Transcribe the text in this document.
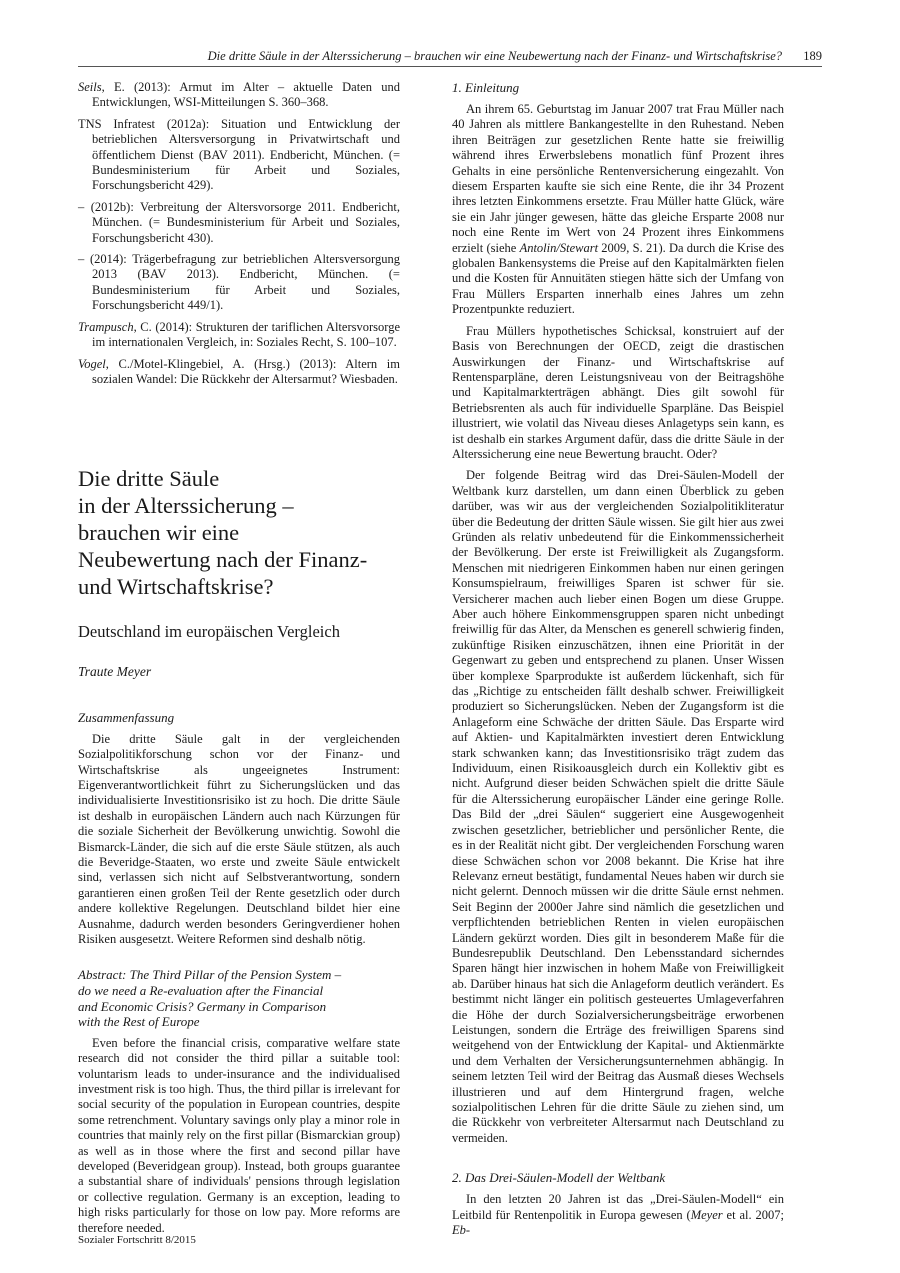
Die dritte Säule in der Alterssicherung – brauchen wir eine Neubewertung nach der Finanz- und Wirtschaftskrise? 189

Seils, E. (2013): Armut im Alter – aktuelle Daten und Entwicklungen, WSI-Mitteilungen S. 360–368.

TNS Infratest (2012a): Situation und Entwicklung der betrieblichen Altersversorgung in Privatwirtschaft und öffentlichem Dienst (BAV 2011). Endbericht, München. (= Bundesministerium für Arbeit und Soziales, Forschungsbericht 429).

– (2012b): Verbreitung der Altersvorsorge 2011. Endbericht, München. (= Bundesministerium für Arbeit und Soziales, Forschungsbericht 430).

– (2014): Trägerbefragung zur betrieblichen Altersversorgung 2013 (BAV 2013). Endbericht, München. (= Bundesministerium für Arbeit und Soziales, Forschungsbericht 449/1).

Trampusch, C. (2014): Strukturen der tariflichen Altersvorsorge im internationalen Vergleich, in: Soziales Recht, S. 100–107.

Vogel, C./Motel-Klingebiel, A. (Hrsg.) (2013): Altern im sozialen Wandel: Die Rückkehr der Altersarmut? Wiesbaden.

Die dritte Säule
in der Alterssicherung –
brauchen wir eine
Neubewertung nach der Finanz-
und Wirtschaftskrise?
Deutschland im europäischen Vergleich

Traute Meyer

Zusammenfassung

Die dritte Säule galt in der vergleichenden Sozialpolitikforschung schon vor der Finanz- und Wirtschaftskrise als ungeeignetes Instrument: Eigenverantwortlichkeit führt zu Sicherungslücken und das individualisierte Investitionsrisiko ist zu hoch. Die dritte Säule ist deshalb in europäischen Ländern auch nach Kürzungen für die soziale Sicherheit der Bevölkerung unwichtig. Sowohl die Bismarck-Länder, die sich auf die erste Säule stützen, als auch die Beveridge-Staaten, wo erste und zweite Säule entwickelt sind, verlassen sich nicht auf Selbstverantwortung, sondern garantieren einen großen Teil der Rente gesetzlich oder durch andere kollektive Regelungen. Deutschland bildet hier eine Ausnahme, dadurch werden besonders Geringverdiener hohen Risiken ausgesetzt. Weitere Reformen sind deshalb nötig.

Abstract: The Third Pillar of the Pension System –
do we need a Re-evaluation after the Financial
and Economic Crisis? Germany in Comparison
with the Rest of Europe

Even before the financial crisis, comparative welfare state research did not consider the third pillar a suitable tool: voluntarism leads to under-insurance and the individualised investment risk is too high. Thus, the third pillar is irrelevant for social security of the population in European countries, despite some retrenchment. Voluntary savings only play a minor role in countries that mainly rely on the first pillar (Bismarckian group) as well as in those where the first and second pillar have developed (Beveridgean group). Instead, both groups guarantee a substantial share of individuals' pensions through legislation or collective regulation. Germany is an exception, leading to high risks particularly for those on low pay. More reforms are therefore needed.

1. Einleitung

An ihrem 65. Geburtstag im Januar 2007 trat Frau Müller nach 40 Jahren als mittlere Bankangestellte in den Ruhestand. Neben ihren Beiträgen zur gesetzlichen Rente hatte sie freiwillig während ihres Erwerbslebens monatlich fünf Prozent ihres Gehalts in eine persönliche Rentenversicherung eingezahlt. Von diesem Ersparten kaufte sie sich eine Rente, die ihr 34 Prozent ihres letzten Einkommens ersetzte. Frau Müller hatte Glück, wäre sie ein Jahr jünger gewesen, hätte das gleiche Ersparte 2008 nur noch eine Rente im Wert von 24 Prozent ihres Einkommens erzielt (siehe Antolin/Stewart 2009, S. 21). Da durch die Krise des globalen Bankensystems die Preise auf den Kapitalmärkten fielen und die Kosten für Annuitäten stiegen hätte sich der Umfang von Frau Müllers Ersparten innerhalb eines Jahres um zehn Prozentpunkte reduziert.

Frau Müllers hypothetisches Schicksal, konstruiert auf der Basis von Berechnungen der OECD, zeigt die drastischen Auswirkungen der Finanz- und Wirtschaftskrise auf Rentensparpläne, deren Leistungsniveau von der Beitragshöhe und Kapitalmarkterträgen abhängt. Dies gilt sowohl für Betriebsrenten als auch für individuelle Sparpläne. Das Beispiel illustriert, wie volatil das Niveau dieses Anlagetyps sein kann, es ist deshalb ein starkes Argument dafür, dass die dritte Säule in der Alterssicherung eine neue Bewertung braucht. Oder?

Der folgende Beitrag wird das Drei-Säulen-Modell der Weltbank kurz darstellen, um dann einen Überblick zu geben darüber, was wir aus der vergleichenden Sozialpolitikliteratur über die Bedeutung der dritten Säule wissen. Sie gilt hier aus zwei Gründen als relativ unbedeutend für die Einkommenssicherheit der Bevölkerung. Der erste ist Freiwilligkeit als Zugangsform. Menschen mit niedrigeren Einkommen haben nur einen geringen Konsumspielraum, freiwilliges Sparen ist schwer für sie. Versicherer machen auch lieber einen Bogen um diese Gruppe. Aber auch höhere Einkommensgruppen sparen nicht unbedingt freiwillig für das Alter, da Menschen es generell schwierig finden, zukünftige Risiken einzuschätzen, ihnen eine Priorität in der Gegenwart zu geben und entsprechend zu planen. Unser Wissen über komplexe Sparprodukte ist außerdem lückenhaft, sich für das „Richtige zu entscheiden fällt deshalb schwer. Freiwilligkeit produziert so Sicherungslücken. Neben der Zugangsform ist die Anlageform eine Schwäche der dritten Säule. Das Ersparte wird auf Aktien- und Kapitalmärkten investiert deren Entwicklung stark schwanken kann; das Investitionsrisiko trägt zudem das Individuum, einen Risikoausgleich durch ein Kollektiv gibt es nicht. Aufgrund dieser beiden Schwächen spielt die dritte Säule für die Alterssicherung europäischer Länder eine geringe Rolle. Das Bild der „drei Säulen“ suggeriert eine Ausgewogenheit zwischen gesetzlicher, betrieblicher und persönlicher Rente, die es in der Realität nicht gibt. Der vergleichenden Forschung waren diese Schwächen schon vor 2008 bekannt. Die Krise hat ihre Relevanz erneut bestätigt, fundamental Neues haben wir durch sie nicht gelernt. Dennoch müssen wir die dritte Säule ernst nehmen. Seit Beginn der 2000er Jahre sind nämlich die gesetzlichen und verpflichtenden betrieblichen Renten in vielen europäischen Ländern gekürzt worden. Dies gilt in besonderem Maße für die Bundesrepublik Deutschland. Den Lebensstandard sicherndes Sparen hängt hier inzwischen in hohem Maße von Freiwilligkeit ab. Darüber hinaus hat sich die Anlageform deutlich verändert. Es bestimmt nicht länger ein politisch gesteuertes Umlageverfahren die Höhe der durch Sozialversicherungsbeiträge erworbenen Leistungen, sondern die Erträge des freiwilligen Sparens sind weitgehend von der Entwicklung der Kapital- und Aktienmärkte und dem Verhalten der Versicherungsunternehmen abhängig. In seinem letzten Teil wird der Beitrag das Ausmaß dieses Wechsels illustrieren und auf dem Hintergrund fragen, welche sozialpolitischen Lehren für die dritte Säule zu ziehen sind, um die Rückkehr von verbreiteter Altersarmut nach Deutschland zu vermeiden.

2. Das Drei-Säulen-Modell der Weltbank

In den letzten 20 Jahren ist das „Drei-Säulen-Modell“ ein Leitbild für Rentenpolitik in Europa gewesen (Meyer et al. 2007; Eb-

Sozialer Fortschritt 8/2015
